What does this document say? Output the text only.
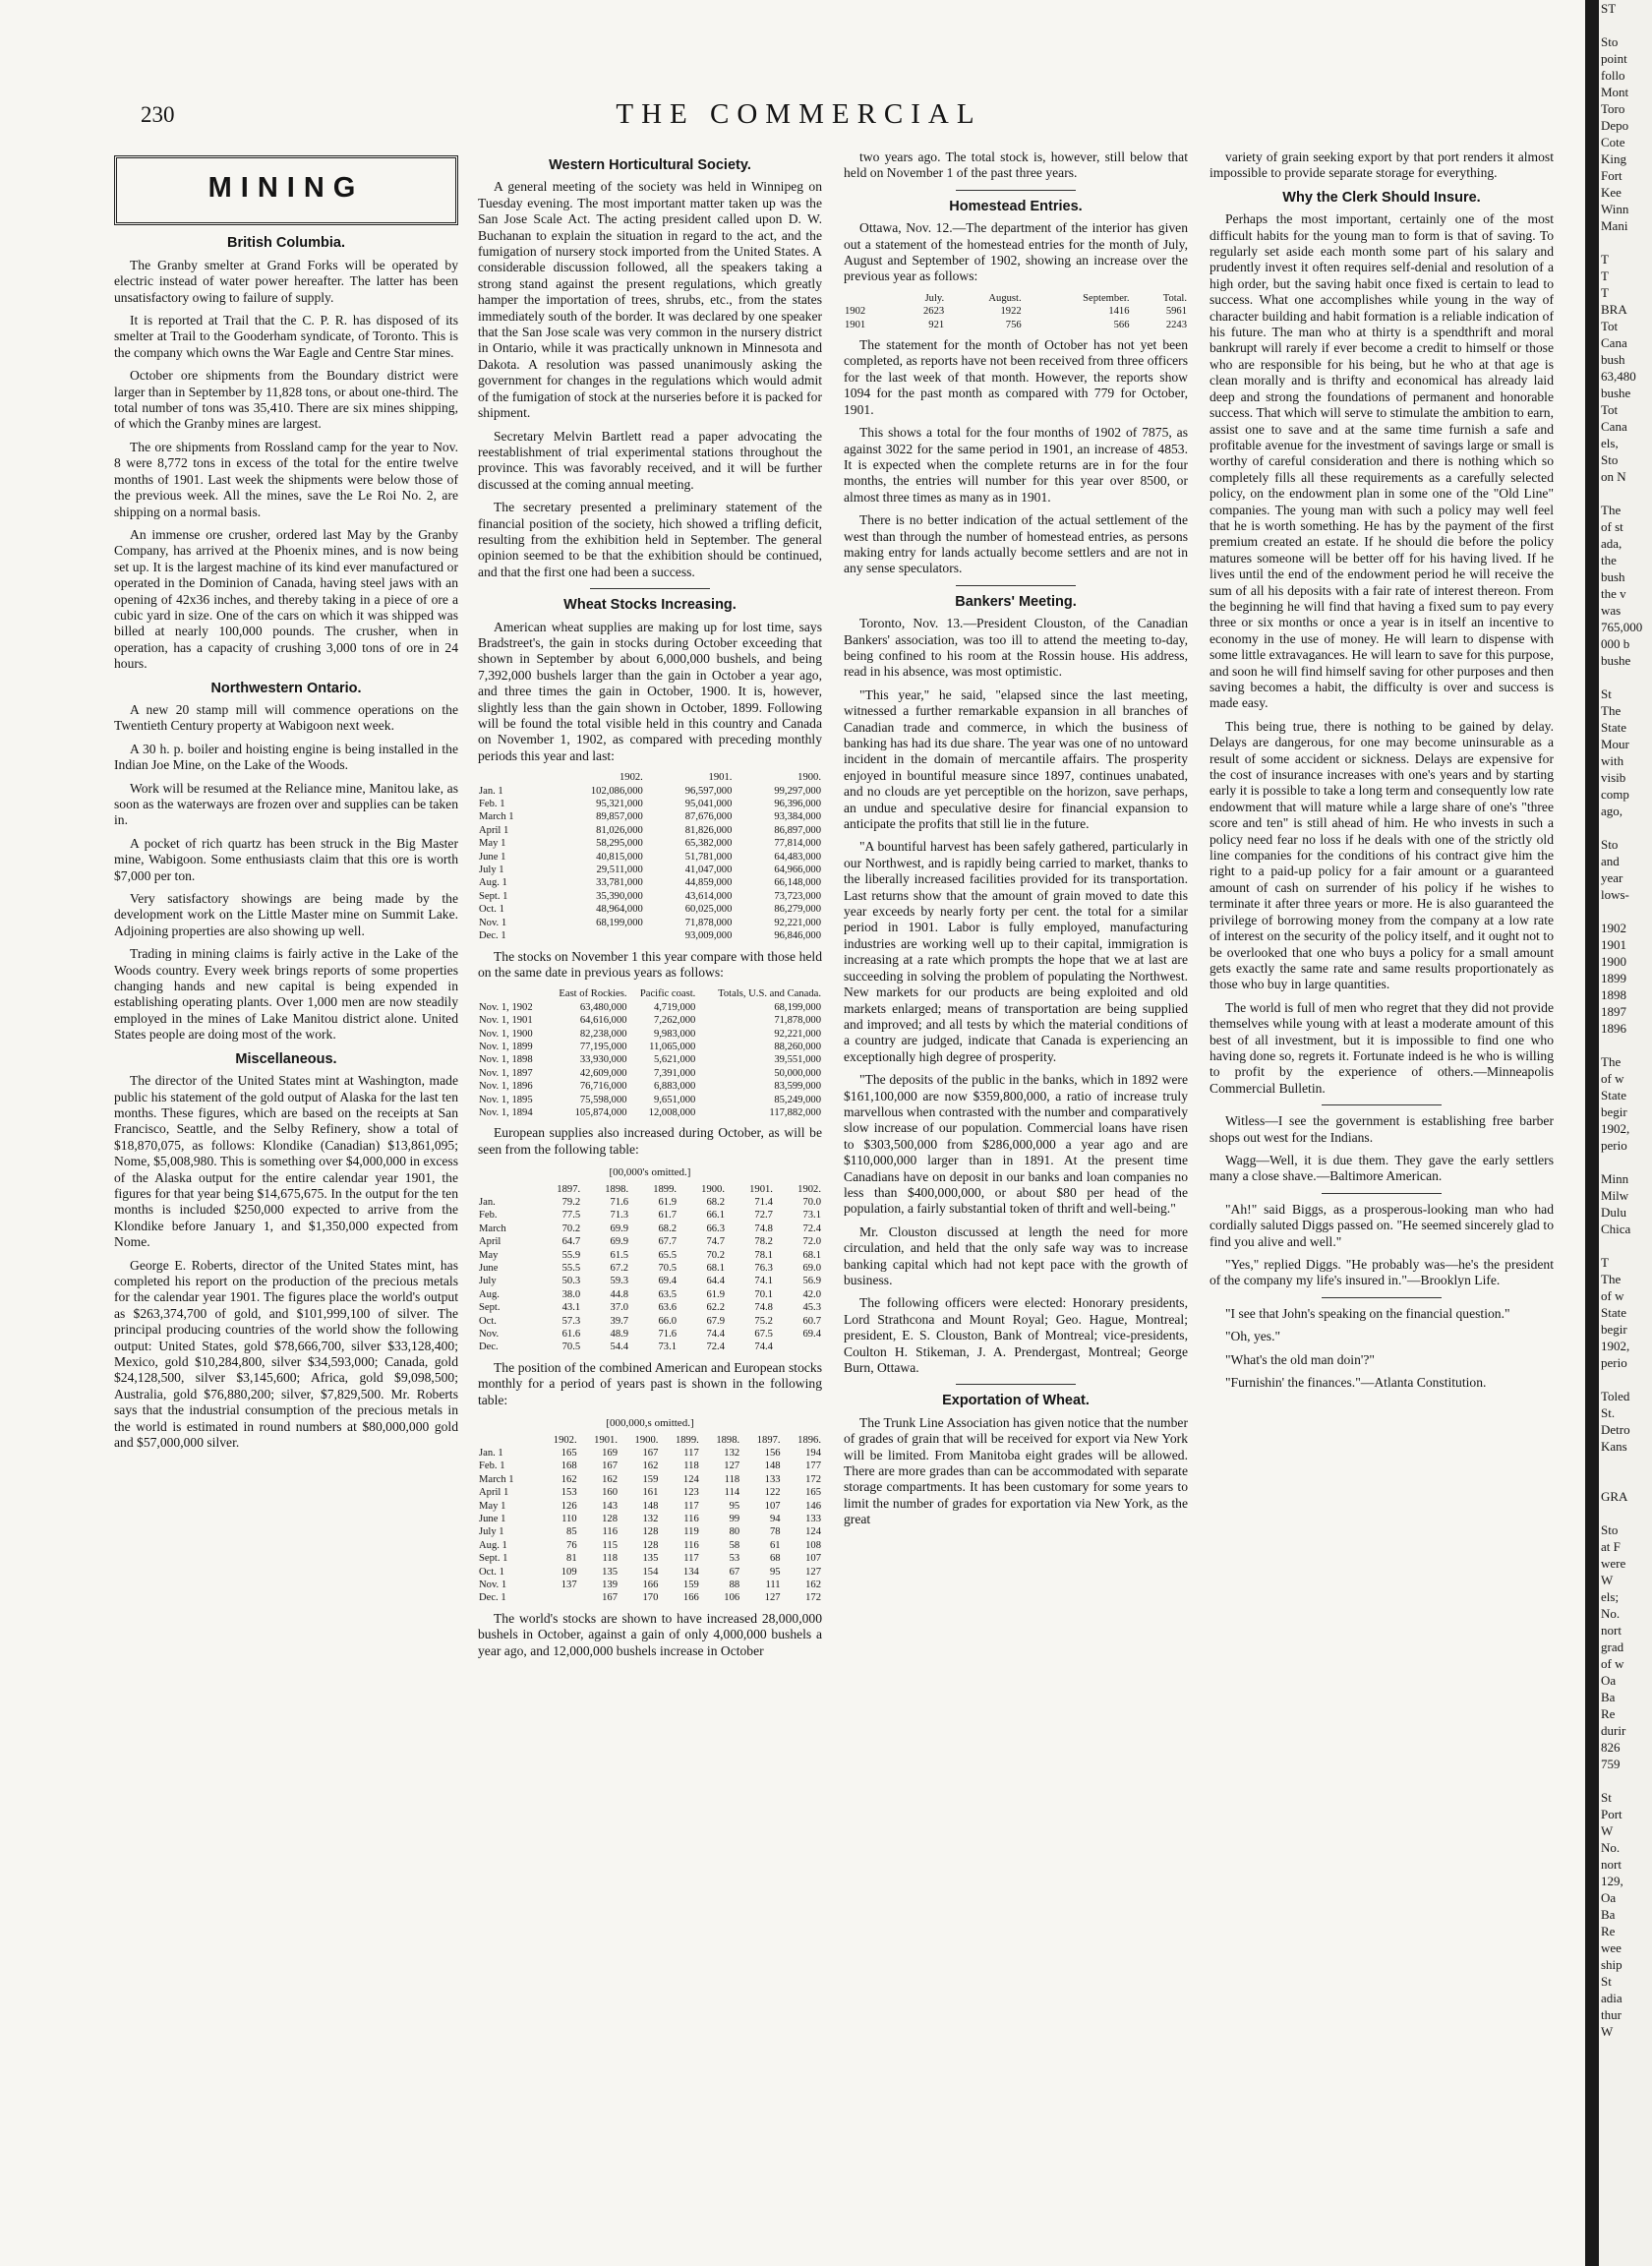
230	THE COMMERCIAL
MINING
British Columbia.

The Granby smelter at Grand Forks will be operated by electric instead of water power hereafter. The latter has been unsatisfactory owing to failure of supply.

It is reported at Trail that the C. P. R. has disposed of its smelter at Trail to the Gooderham syndicate, of Toronto. This is the company which owns the War Eagle and Centre Star mines.

October ore shipments from the Boundary district were larger than in September by 11,828 tons, or about one-third. The total number of tons was 35,410. There are six mines shipping, of which the Granby mines are largest.

The ore shipments from Rossland camp for the year to Nov. 8 were 8,772 tons in excess of the total for the entire twelve months of 1901. Last week the shipments were below those of the previous week. All the mines, save the Le Roi No. 2, are shipping on a normal basis.

An immense ore crusher, ordered last May by the Granby Company, has arrived at the Phoenix mines, and is now being set up. It is the largest machine of its kind ever manufactured or operated in the Dominion of Canada, having steel jaws with an opening of 42x36 inches, and thereby taking in a piece of ore a cubic yard in size. One of the cars on which it was shipped was billed at nearly 100,000 pounds. The crusher, when in operation, has a capacity of crushing 3,000 tons of ore in 24 hours.

Northwestern Ontario.

A new 20 stamp mill will commence operations on the Twentieth Century property at Wabigoon next week.

A 30 h. p. boiler and hoisting engine is being installed in the Indian Joe Mine, on the Lake of the Woods.

Work will be resumed at the Reliance mine, Manitou lake, as soon as the waterways are frozen over and supplies can be taken in.

A pocket of rich quartz has been struck in the Big Master mine, Wabigoon. Some enthusiasts claim that this ore is worth $7,000 per ton.

Very satisfactory showings are being made by the development work on the Little Master mine on Summit Lake. Adjoining properties are also showing up well.

Trading in mining claims is fairly active in the Lake of the Woods country. Every week brings reports of some properties changing hands and new capital is being expended in establishing operating plants. Over 1,000 men are now steadily employed in the mines of Lake Manitou district alone. United States people are doing most of the work.

Miscellaneous.

The director of the United States mint at Washington, made public his statement of the gold output of Alaska for the last ten months. These figures, which are based on the receipts at San Francisco, Seattle, and the Selby Refinery, show a total of $18,870,075, as follows: Klondike (Canadian) $13,861,095; Nome, $5,008,980. This is something over $4,000,000 in excess of the Alaska output for the entire calendar year 1901, the figures for that year being $14,675,675. In the output for the ten months is included $250,000 expected to arrive from the Klondike before January 1, and $1,350,000 expected from Nome.

George E. Roberts, director of the United States mint, has completed his report on the production of the precious metals for the calendar year 1901. The figures place the world's output as $263,374,700 of gold, and $101,999,100 of silver. The principal producing countries of the world show the following output: United States, gold $78,666,700, silver $33,128,400; Mexico, gold $10,284,800, silver $34,593,000; Canada, gold $24,128,500, silver $3,145,600; Africa, gold $9,098,500; Australia, gold $76,880,200; silver, $7,829,500. Mr. Roberts says that the industrial consumption of the precious metals in the world is estimated in round numbers at $80,000,000 gold and $57,000,000 silver.

Western Horticultural Society.

A general meeting of the society was held in Winnipeg on Tuesday evening. The most important matter taken up was the San Jose Scale Act. The acting president called upon D. W. Buchanan to explain the situation in regard to the act, and the fumigation of nursery stock imported from the United States. A considerable discussion followed, all the speakers taking a strong stand against the present regulations, which greatly hamper the importation of trees, shrubs, etc., from the states immediately south of the border. It was declared by one speaker that the San Jose scale was very common in the nursery district in Ontario, while it was practically unknown in Minnesota and Dakota. A resolution was passed unanimously asking the government for changes in the regulations which would admit of the fumigation of stock at the nurseries before it is packed for shipment.

Secretary Melvin Bartlett read a paper advocating the reestablishment of trial experimental stations throughout the province. This was favorably received, and it will be further discussed at the coming annual meeting.

The secretary presented a preliminary statement of the financial position of the society, hich showed a trifling deficit, resulting from the exhibition held in September. The general opinion seemed to be that the exhibition should be continued, and that the first one had been a success.

Wheat Stocks Increasing.

American wheat supplies are making up for lost time, says Bradstreet's, the gain in stocks during October exceeding that shown in September by about 6,000,000 bushels, and being 7,392,000 bushels larger than the gain in October a year ago, and three times the gain in October, 1900. It is, however, slightly less than the gain shown in October, 1899. Following will be found the total visible held in this country and Canada on November 1, 1902, as compared with preceding monthly periods this year and last:

	1902.	1901.	1900.
Jan. 1	102,086,000	96,597,000	99,297,000
Feb. 1	95,321,000	95,041,000	96,396,000
March 1	89,857,000	87,676,000	93,384,000
April 1	81,026,000	81,826,000	86,897,000
May 1	58,295,000	65,382,000	77,814,000
June 1	40,815,000	51,781,000	64,483,000
July 1	29,511,000	41,047,000	64,966,000
Aug. 1	33,781,000	44,859,000	66,148,000
Sept. 1	35,390,000	43,614,000	73,723,000
Oct. 1	48,964,000	60,025,000	86,279,000
Nov. 1	68,199,000	71,878,000	92,221,000
Dec. 1		93,009,000	96,846,000

The stocks on November 1 this year compare with those held on the same date in previous years as follows:

	East of Rockies.	Pacific coast.	Totals, U.S. and Canada.
Nov. 1, 1902	63,480,000	4,719,000	68,199,000
Nov. 1, 1901	64,616,000	7,262,000	71,878,000
Nov. 1, 1900	82,238,000	9,983,000	92,221,000
Nov. 1, 1899	77,195,000	11,065,000	88,260,000
Nov. 1, 1898	33,930,000	5,621,000	39,551,000
Nov. 1, 1897	42,609,000	7,391,000	50,000,000
Nov. 1, 1896	76,716,000	6,883,000	83,599,000
Nov. 1, 1895	75,598,000	9,651,000	85,249,000
Nov. 1, 1894	105,874,000	12,008,000	117,882,000

European supplies also increased during October, as will be seen from the following table:

[00,000's omitted.]
	1897.	1898.	1899.	1900.	1901.	1902.
Jan.	79.2	71.6	61.9	68.2	71.4	70.0
Feb.	77.5	71.3	61.7	66.1	72.7	73.1
March	70.2	69.9	68.2	66.3	74.8	72.4
April	64.7	69.9	67.7	74.7	78.2	72.0
May	55.9	61.5	65.5	70.2	78.1	68.1
June	55.5	67.2	70.5	68.1	76.3	69.0
July	50.3	59.3	69.4	64.4	74.1	56.9
Aug.	38.0	44.8	63.5	61.9	70.1	42.0
Sept.	43.1	37.0	63.6	62.2	74.8	45.3
Oct.	57.3	39.7	66.0	67.9	75.2	60.7
Nov.	61.6	48.9	71.6	74.4	67.5	69.4
Dec.	70.5	54.4	73.1	72.4	74.4	

The position of the combined American and European stocks monthly for a period of years past is shown in the following table:

[000,000,s omitted.]
	1902.	1901.	1900.	1899.	1898.	1897.	1896.
Jan. 1	165	169	167	117	132	156	194
Feb. 1	168	167	162	118	127	148	177
March 1	162	162	159	124	118	133	172
April 1	153	160	161	123	114	122	165
May 1	126	143	148	117	95	107	146
June 1	110	128	132	116	99	94	133
July 1	85	116	128	119	80	78	124
Aug. 1	76	115	128	116	58	61	108
Sept. 1	81	118	135	117	53	68	107
Oct. 1	109	135	154	134	67	95	127
Nov. 1	137	139	166	159	88	111	162
Dec. 1		167	170	166	106	127	172

The world's stocks are shown to have increased 28,000,000 bushels in October, against a gain of only 4,000,000 bushels a year ago, and 12,000,000 bushels increase in October

two years ago. The total stock is, however, still below that held on November 1 of the past three years.

Homestead Entries.

Ottawa, Nov. 12.—The department of the interior has given out a statement of the homestead entries for the month of July, August and September of 1902, showing an increase over the previous year as follows:

	July.	August.	September.	Total.
1902	2623	1922	1416	5961
1901	921	756	566	2243

The statement for the month of October has not yet been completed, as reports have not been received from three officers for the last week of that month. However, the reports show 1094 for the past month as compared with 779 for October, 1901.

This shows a total for the four months of 1902 of 7875, as against 3022 for the same period in 1901, an increase of 4853. It is expected when the complete returns are in for the four months, the entries will number for this year over 8500, or almost three times as many as in 1901.

There is no better indication of the actual settlement of the west than through the number of homestead entries, as persons making entry for lands actually become settlers and are not in any sense speculators.

Bankers' Meeting.

Toronto, Nov. 13.—President Clouston, of the Canadian Bankers' association, was too ill to attend the meeting to-day, being confined to his room at the Rossin house. His address, read in his absence, was most optimistic.

"This year," he said, "elapsed since the last meeting, witnessed a further remarkable expansion in all branches of Canadian trade and commerce, in which the business of banking has had its due share. The year was one of no untoward incident in the domain of mercantile affairs. The prosperity enjoyed in bountiful measure since 1897, continues unabated, and no clouds are yet perceptible on the horizon, save perhaps, an undue and speculative desire for financial expansion to anticipate the profits that still lie in the future.

"A bountiful harvest has been safely gathered, particularly in our Northwest, and is rapidly being carried to market, thanks to the liberally increased facilities provided for its transportation. Last returns show that the amount of grain moved to date this year exceeds by nearly forty per cent. the total for a similar period in 1901. Labor is fully employed, manufacturing industries are working well up to their capital, immigration is increasing at a rate which prompts the hope that we at last are succeeding in solving the problem of populating the Northwest. New markets for our products are being exploited and old markets enlarged; means of transportation are being supplied and improved; and all tests by which the material conditions of a country are judged, indicate that Canada is experiencing an exceptionally high degree of prosperity.

"The deposits of the public in the banks, which in 1892 were $161,100,000 are now $359,800,000, a ratio of increase truly marvellous when contrasted with the number and comparatively slow increase of our population. Commercial loans have risen to $303,500,000 from $286,000,000 a year ago and are $110,000,000 larger than in 1891. At the present time Canadians have on deposit in our banks and loan companies no less than $400,000,000, or about $80 per head of the population, a fairly substantial token of thrift and well-being."

Mr. Clouston discussed at length the need for more circulation, and held that the only safe way was to increase banking capital which had not kept pace with the growth of business.

The following officers were elected: Honorary presidents, Lord Strathcona and Mount Royal; Geo. Hague, Montreal; president, E. S. Clouston, Bank of Montreal; vice-presidents, Coulton H. Stikeman, J. A. Prendergast, Montreal; George Burn, Ottawa.

Exportation of Wheat.

The Trunk Line Association has given notice that the number of grades of grain that will be received for export via New York will be limited. From Manitoba eight grades will be allowed. There are more grades than can be accommodated with separate storage compartments. It has been customary for some years to limit the number of grades for exportation via New York, as the great

variety of grain seeking export by that port renders it almost impossible to provide separate storage for everything.

Why the Clerk Should Insure.

Perhaps the most important, certainly one of the most difficult habits for the young man to form is that of saving. To regularly set aside each month some part of his salary and prudently invest it often requires self-denial and resolution of a high order, but the saving habit once fixed is certain to lead to success. What one accomplishes while young in the way of character building and habit formation is a reliable indication of his future. The man who at thirty is a spendthrift and moral bankrupt will rarely if ever become a credit to himself or those who are responsible for his being, but he who at that age is clean morally and is thrifty and economical has already laid deep and strong the foundations of permanent and honorable success. That which will serve to stimulate the ambition to earn, assist one to save and at the same time furnish a safe and profitable avenue for the investment of savings large or small is worthy of careful consideration and there is nothing which so completely fills all these requirements as a carefully selected policy, on the endowment plan in some one of the "Old Line" companies. The young man with such a policy may well feel that he is worth something. He has by the payment of the first premium created an estate. If he should die before the policy matures someone will be better off for his having lived. If he lives until the end of the endowment period he will receive the sum of all his deposits with a fair rate of interest thereon. From the beginning he will find that having a fixed sum to pay every three or six months or once a year is in itself an incentive to economy in the use of money. He will learn to dispense with some little extravagances. He will learn to save for this purpose, and soon he will find himself saving for other purposes and then saving becomes a habit, the difficulty is over and success is made easy.

This being true, there is nothing to be gained by delay. Delays are dangerous, for one may become uninsurable as a result of some accident or sickness. Delays are expensive for the cost of insurance increases with one's years and by starting early it is possible to take a long term and consequently low rate endowment that will mature while a large share of one's "three score and ten" is still ahead of him. He who invests in such a policy need fear no loss if he deals with one of the strictly old line companies for the conditions of his contract give him the right to a paid-up policy for a fair amount or a guaranteed amount of cash on surrender of his policy if he wishes to terminate it after three years or more. He is also guaranteed the privilege of borrowing money from the company at a low rate of interest on the security of the policy itself, and it ought not to be overlooked that one who buys a policy for a small amount gets exactly the same rate and same results proportionately as those who buy in large quantities.

The world is full of men who regret that they did not provide themselves while young with at least a moderate amount of this best of all investment, but it is impossible to find one who having done so, regrets it. Fortunate indeed is he who is willing to profit by the experience of others.—Minneapolis Commercial Bulletin.

Witless—I see the government is establishing free barber shops out west for the Indians.

Wagg—Well, it is due them. They gave the early settlers many a close shave.—Baltimore American.

"Ah!" said Biggs, as a prosperous-looking man who had cordially saluted Diggs passed on. "He seemed sincerely glad to find you alive and well."

"Yes," replied Diggs. "He probably was—he's the president of the company my life's insured in."—Brooklyn Life.

"I see that John's speaking on the financial question."

"Oh, yes."

"What's the old man doin'?"

"Furnishin' the finances."—Atlanta Constitution.

ST

Sto
point
follo
Mont
Toro
Depo
Cote
King
Fort
Kee
Winn
Mani

T
T
T
BRA
Tot
Cana
bush
63,480
bushe
Tot
Cana
els,
Sto
on N

The
of st
ada,
the
bush
the v
was
765,000
000 b
bushe

St
The
State
Mour
with
visib
comp
ago,

Sto
and
year
lows-

1902
1901
1900
1899
1898
1897
1896

The
of w
State
begir
1902,
perio

Minn
Milw
Dulu
Chica

T
The
of w
State
begir
1902,
perio

Toled
St.
Detro
Kans

GRA

Sto
at F
were
W
els;
No.
nort
grad
of w
Oa
Ba
Re
durir
826
759

St
Port
W
No.
nort
129,
Oa
Ba
Re
wee
ship
St
adia
thur
W
